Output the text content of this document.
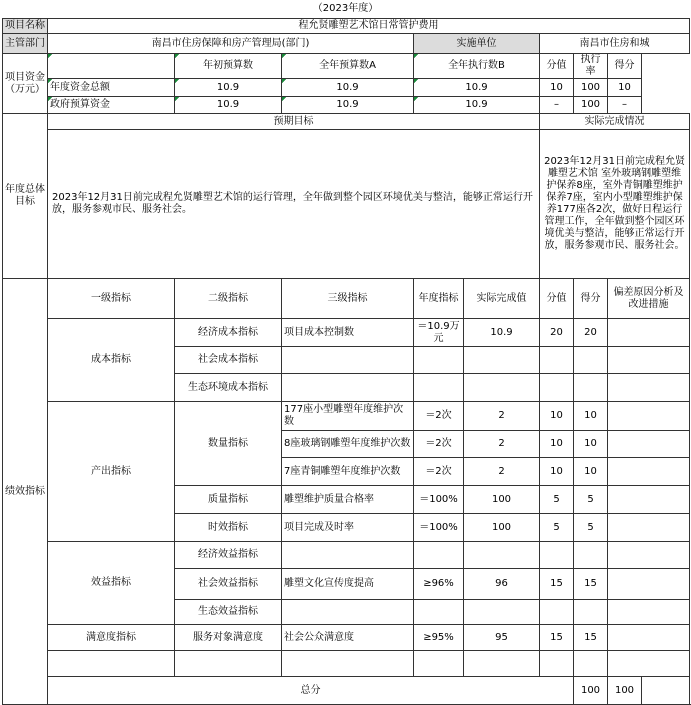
（2023年度）
项目名称	程允贤雕塑艺术馆日常管护费用								
主管部门	南昌市住房保障和房产管理局(部门)			实施单位		南昌市住房和城			
项目资金（万元）		年初预算数	全年预算数A	全年执行数B		分值	执行率	得分	
	年度资金总额	10.9	10.9	10.9		10	100	10	
	政府预算资金	10.9	10.9	10.9		–	100	–	
年度总体目标	预期目标					实际完成情况			
	2023年12月31日前完成程允贤雕塑艺术馆的运行管理，全年做到整个园区环境优美与整洁，能够正常运行开放，服务参观市民、服务社会。					2023年12月31日前完成程允贤雕塑艺术馆 室外玻璃钢雕塑维护保养8座，室外青铜雕塑维护保养7座，室内小型雕塑维护保养177座各2次，做好日程运行管理工作，全年做到整个园区环境优美与整洁，能够正常运行开放，服务参观市民、服务社会。			
绩效指标	一级指标	二级指标	三级指标	年度指标	实际完成值	分值	得分	偏差原因分析及改进措施	
	成本指标	经济成本指标	项目成本控制数	＝10.9万元	10.9	20	20		
		社会成本指标							
		生态环境成本指标							
	产出指标	数量指标	177座小型雕塑年度维护次数	＝2次	2	10	10		
			8座玻璃钢雕塑年度维护次数	＝2次	2	10	10		
			7座青铜雕塑年度维护次数	＝2次	2	10	10		
		质量指标	雕塑维护质量合格率	＝100%	100	5	5		
		时效指标	项目完成及时率	＝100%	100	5	5		
	效益指标	经济效益指标							
		社会效益指标	雕塑文化宣传度提高	≥96%	96	15	15		
		生态效益指标							
	满意度指标	服务对象满意度	社会公众满意度	≥95%	95	15	15		

	总分						100	100	
